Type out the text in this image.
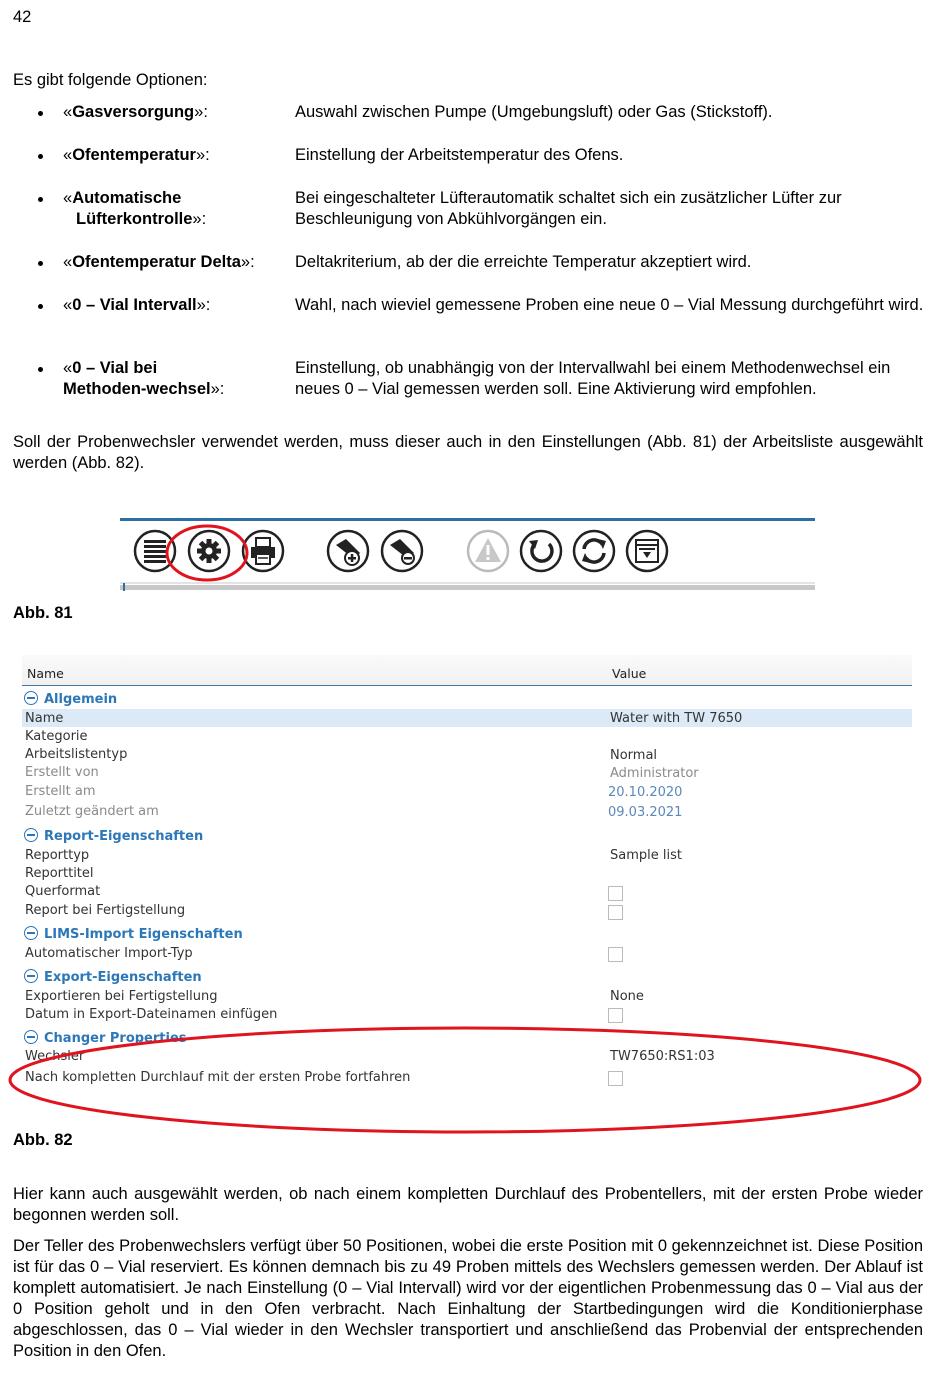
42
Es gibt folgende Optionen:
«Gasversorgung»:	Auswahl zwischen Pumpe (Umgebungsluft) oder Gas (Stickstoff).
«Ofentemperatur»:	Einstellung der Arbeitstemperatur des Ofens.
«Automatische
Lüfterkontrolle»:
Bei eingeschalteter Lüfterautomatik schaltet sich ein zusätzlicher Lüfter zur Beschleunigung von Abkühlvorgängen ein.
«Ofentemperatur Delta»: Deltakriterium, ab der die erreichte Temperatur akzeptiert wird.
«0 – Vial Intervall»:	Wahl, nach wieviel gemessene Proben eine neue 0 – Vial Messung durchgeführt wird.
«0 – Vial bei
Methoden-wechsel»:
Einstellung, ob unabhängig von der Intervallwahl bei einem Methodenwechsel ein neues 0 – Vial gemessen werden soll. Eine Aktivierung wird empfohlen.
Soll der Probenwechsler verwendet werden, muss dieser auch in den Einstellungen (Abb. 81) der Arbeitsliste ausgewählt werden (Abb. 82).
Abb. 81
Name	Value
Allgemein
Name	Water with TW 7650
Kategorie
Arbeitslistentyp	Normal
Erstellt von	Administrator
Erstellt am	20.10.2020
Zuletzt geändert am	09.03.2021
Report-Eigenschaften
Reporttyp	Sample list
Reporttitel
Querformat
Report bei Fertigstellung
LIMS-Import Eigenschaften
Automatischer Import-Typ
Export-Eigenschaften
Exportieren bei Fertigstellung	None
Datum in Export-Dateinamen einfügen
Changer Properties
Wechsler	TW7650:RS1:03
Nach kompletten Durchlauf mit der ersten Probe fortfahren
Abb. 82
Hier kann auch ausgewählt werden, ob nach einem kompletten Durchlauf des Probentellers, mit der ersten Probe wieder begonnen werden soll.
Der Teller des Probenwechslers verfügt über 50 Positionen, wobei die erste Position mit 0 gekennzeichnet ist. Diese Position ist für das 0 – Vial reserviert. Es können demnach bis zu 49 Proben mittels des Wechslers gemessen werden. Der Ablauf ist komplett automatisiert. Je nach Einstellung (0 – Vial Intervall) wird vor der eigentlichen Probenmessung das 0 – Vial aus der 0 Position geholt und in den Ofen verbracht. Nach Einhaltung der Startbedingungen wird die Konditionierphase abgeschlossen, das 0 – Vial wieder in den Wechsler transportiert und anschließend das Probenvial der entsprechenden Position in den Ofen.
